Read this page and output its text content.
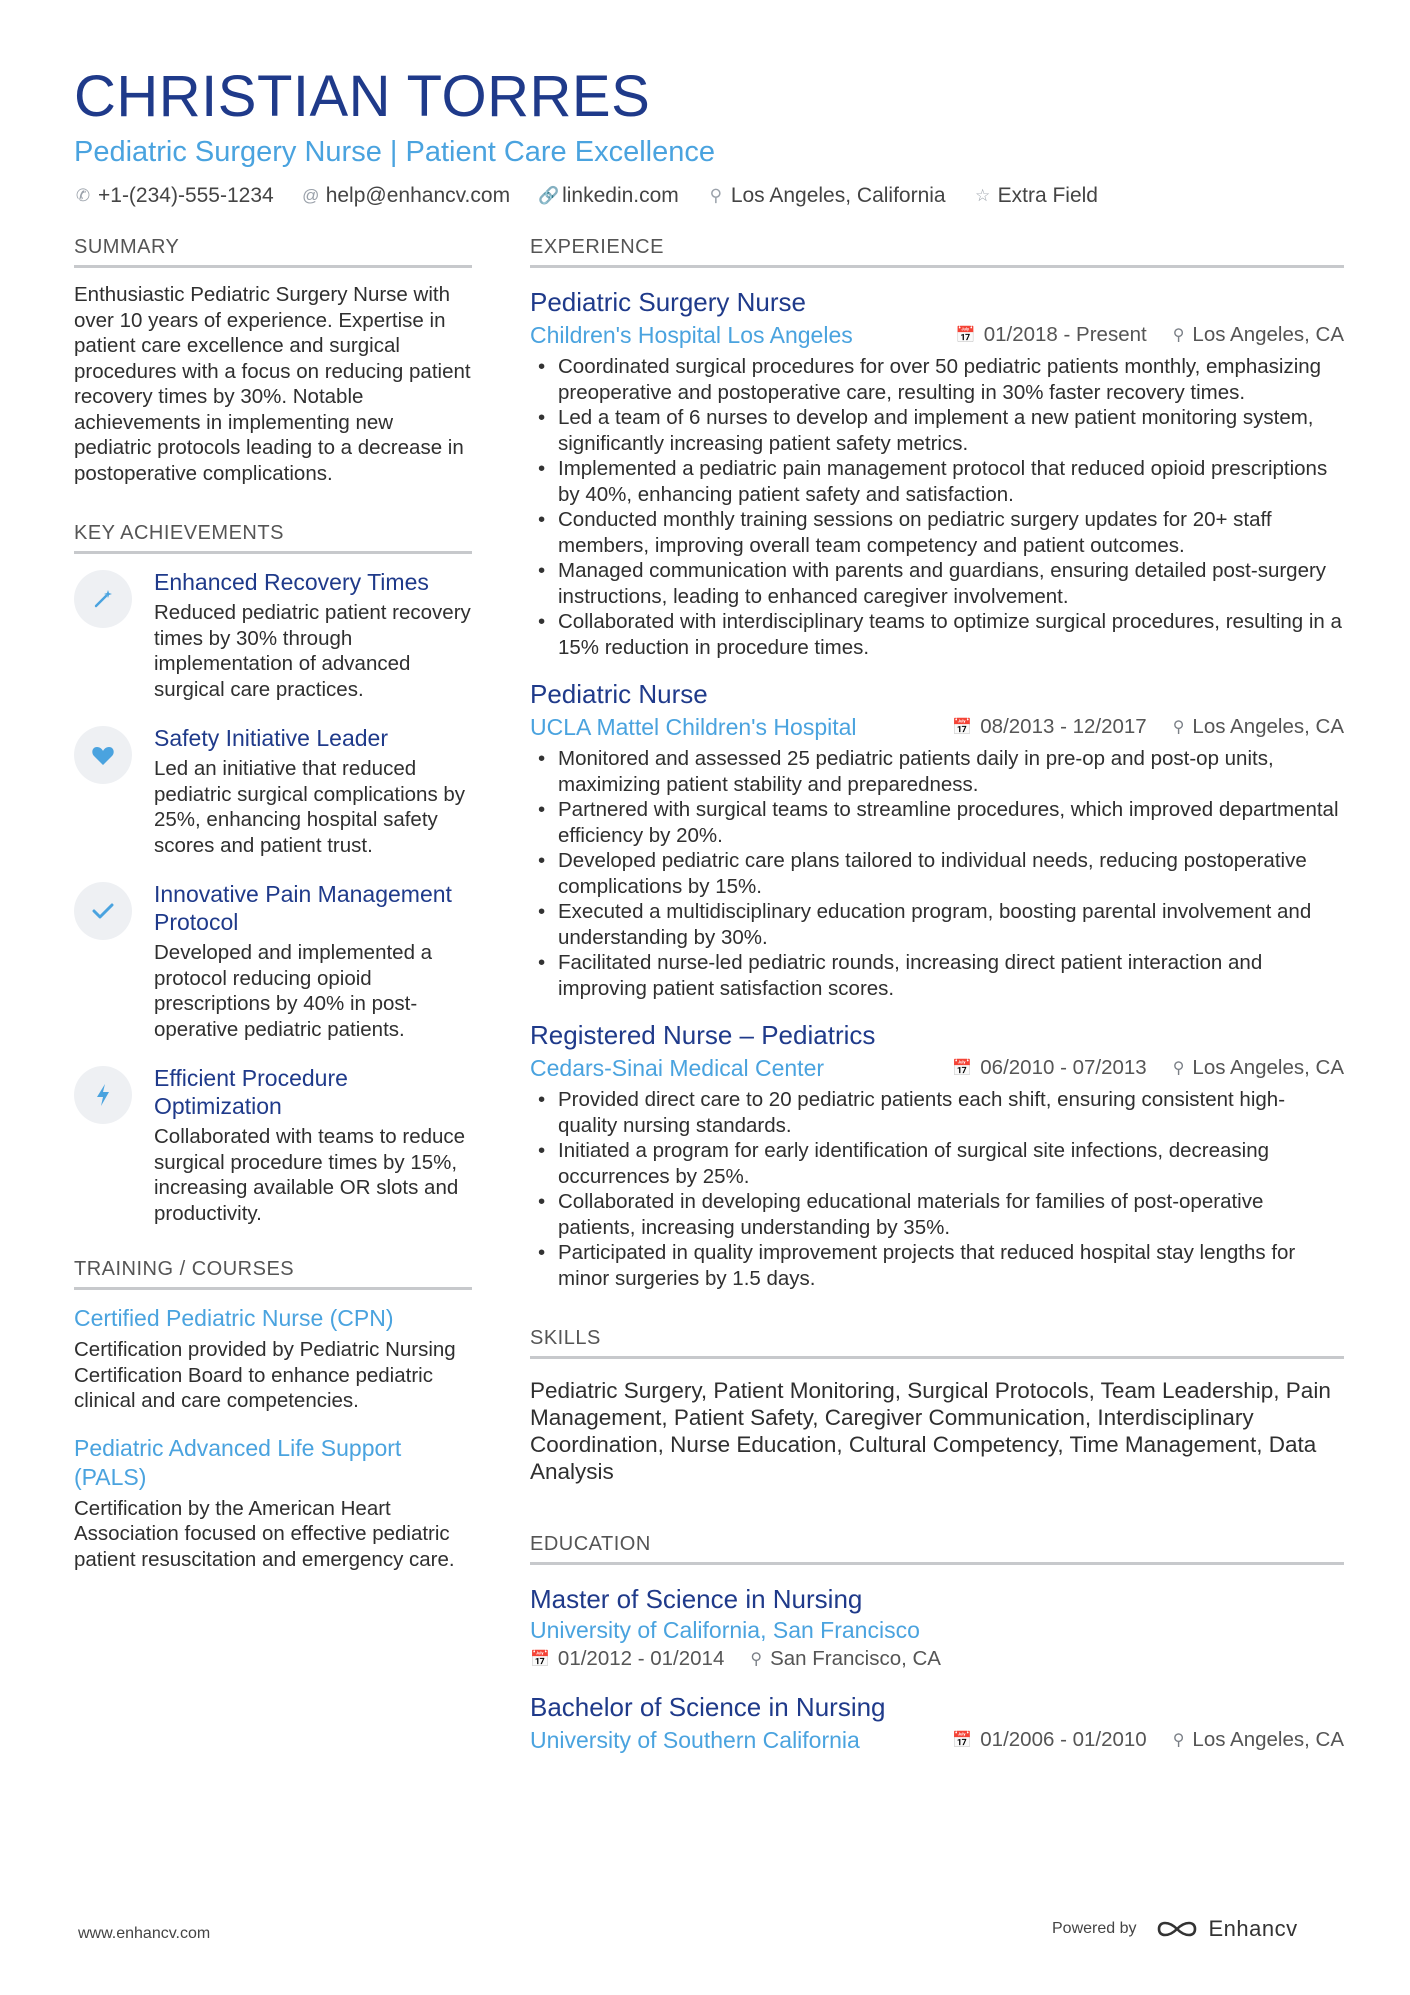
CHRISTIAN TORRES
Pediatric Surgery Nurse | Patient Care Excellence
✆ +1-(234)-555-1234 @ help@enhancv.com 🔗 linkedin.com ⚲ Los Angeles, California ☆ Extra Field
SUMMARY

Enthusiastic Pediatric Surgery Nurse with over 10 years of experience. Expertise in patient care excellence and surgical procedures with a focus on reducing patient recovery times by 30%. Notable achievements in implementing new pediatric protocols leading to a decrease in postoperative complications.

KEY ACHIEVEMENTS
Enhanced Recovery Times

Reduced pediatric patient recovery times by 30% through implementation of advanced surgical care practices.

Safety Initiative Leader

Led an initiative that reduced pediatric surgical complications by 25%, enhancing hospital safety scores and patient trust.

Innovative Pain Management Protocol

Developed and implemented a protocol reducing opioid prescriptions by 40% in post-operative pediatric patients.

Efficient Procedure Optimization

Collaborated with teams to reduce surgical procedure times by 15%, increasing available OR slots and productivity.

TRAINING / COURSES
Certified Pediatric Nurse (CPN)

Certification provided by Pediatric Nursing Certification Board to enhance pediatric clinical and care competencies.

Pediatric Advanced Life Support (PALS)

Certification by the American Heart Association focused on effective pediatric patient resuscitation and emergency care.

EXPERIENCE
Pediatric Surgery Nurse
Children's Hospital Los Angeles	📅 01/2018 - Present ⚲ Los Angeles, CA
• Coordinated surgical procedures for over 50 pediatric patients monthly, emphasizing preoperative and postoperative care, resulting in 30% faster recovery times.
• Led a team of 6 nurses to develop and implement a new patient monitoring system, significantly increasing patient safety metrics.
• Implemented a pediatric pain management protocol that reduced opioid prescriptions by 40%, enhancing patient safety and satisfaction.
• Conducted monthly training sessions on pediatric surgery updates for 20+ staff members, improving overall team competency and patient outcomes.
• Managed communication with parents and guardians, ensuring detailed post-surgery instructions, leading to enhanced caregiver involvement.
• Collaborated with interdisciplinary teams to optimize surgical procedures, resulting in a 15% reduction in procedure times.
Pediatric Nurse
UCLA Mattel Children's Hospital	📅 08/2013 - 12/2017 ⚲ Los Angeles, CA
• Monitored and assessed 25 pediatric patients daily in pre-op and post-op units, maximizing patient stability and preparedness.
• Partnered with surgical teams to streamline procedures, which improved departmental efficiency by 20%.
• Developed pediatric care plans tailored to individual needs, reducing postoperative complications by 15%.
• Executed a multidisciplinary education program, boosting parental involvement and understanding by 30%.
• Facilitated nurse-led pediatric rounds, increasing direct patient interaction and improving patient satisfaction scores.
Registered Nurse – Pediatrics
Cedars-Sinai Medical Center	📅 06/2010 - 07/2013 ⚲ Los Angeles, CA
• Provided direct care to 20 pediatric patients each shift, ensuring consistent high-quality nursing standards.
• Initiated a program for early identification of surgical site infections, decreasing occurrences by 25%.
• Collaborated in developing educational materials for families of post-operative patients, increasing understanding by 35%.
• Participated in quality improvement projects that reduced hospital stay lengths for minor surgeries by 1.5 days.
SKILLS

Pediatric Surgery, Patient Monitoring, Surgical Protocols, Team Leadership, Pain Management, Patient Safety, Caregiver Communication, Interdisciplinary Coordination, Nurse Education, Cultural Competency, Time Management, Data Analysis

EDUCATION
Master of Science in Nursing
University of California, San Francisco
📅 01/2012 - 01/2014 ⚲ San Francisco, CA
Bachelor of Science in Nursing
University of Southern California	📅 01/2006 - 01/2010 ⚲ Los Angeles, CA
www.enhancv.com	Powered by	Enhancv
